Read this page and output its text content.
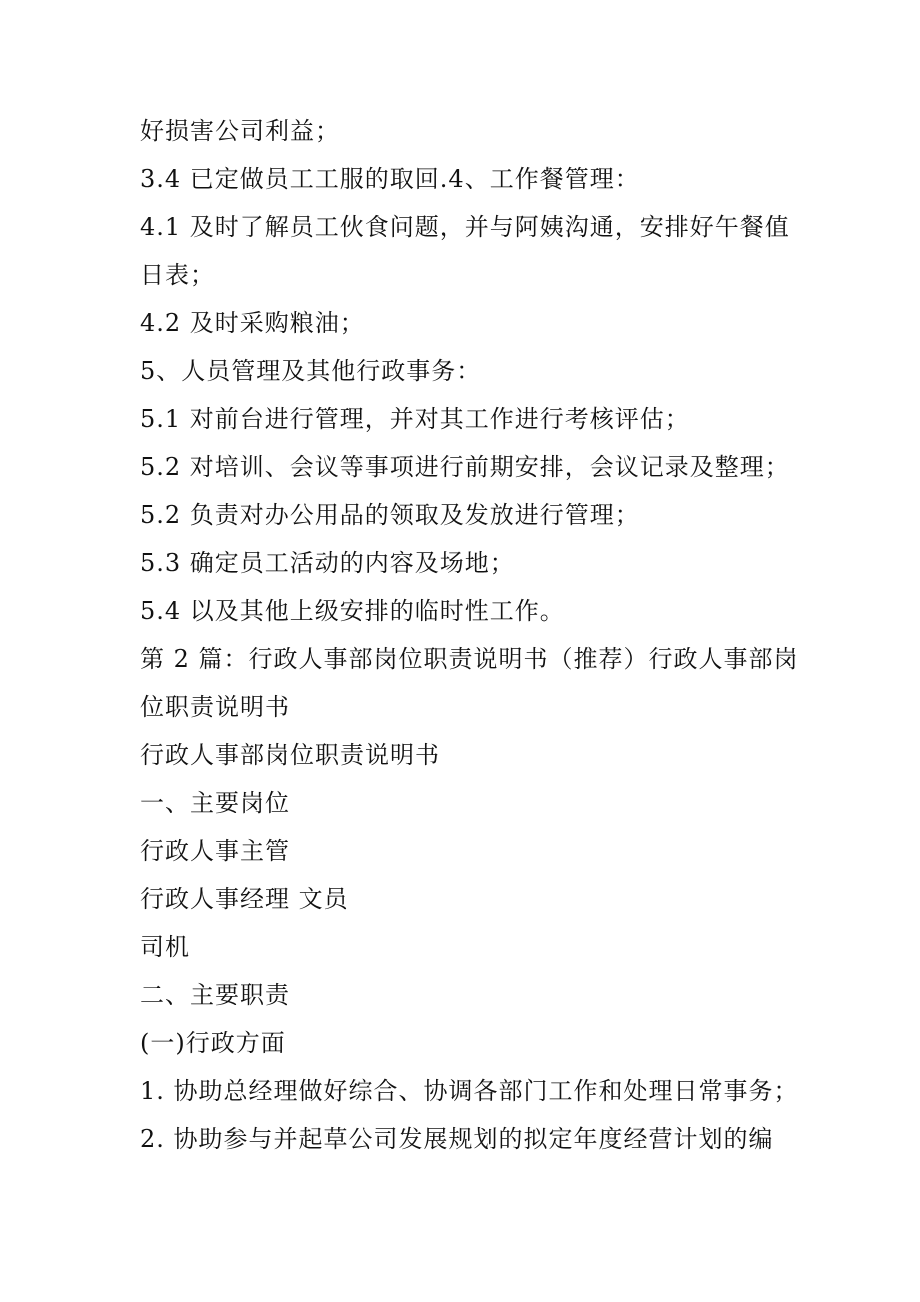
好损害公司利益；
3.4 已定做员工工服的取回.4、工作餐管理：
4.1 及时了解员工伙食问题，并与阿姨沟通，安排好午餐值
日表；
4.2 及时采购粮油；
5、人员管理及其他行政事务：
5.1 对前台进行管理，并对其工作进行考核评估；
5.2 对培训、会议等事项进行前期安排，会议记录及整理；
5.2 负责对办公用品的领取及发放进行管理；
5.3 确定员工活动的内容及场地；
5.4 以及其他上级安排的临时性工作。
第 2 篇：行政人事部岗位职责说明书（推荐）行政人事部岗
位职责说明书
行政人事部岗位职责说明书
一、主要岗位
行政人事主管
行政人事经理 文员
司机
二、主要职责
(一)行政方面
1. 协助总经理做好综合、协调各部门工作和处理日常事务；
2. 协助参与并起草公司发展规划的拟定年度经营计划的编
